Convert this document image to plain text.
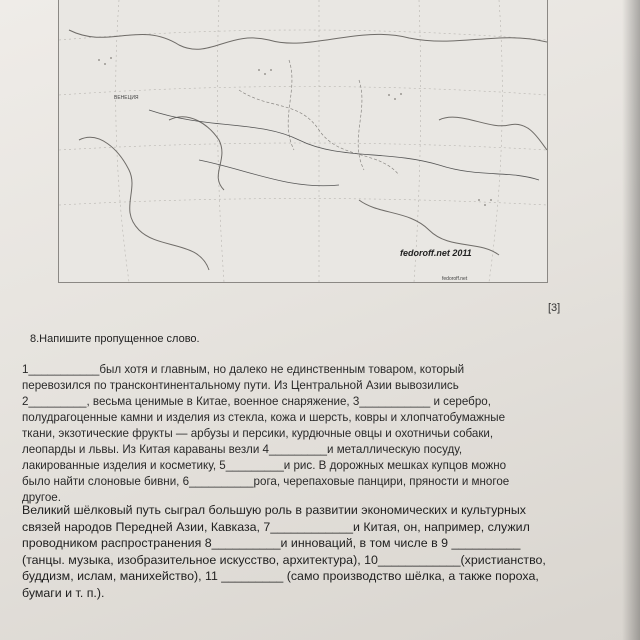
ВЕНЕЦИЯ
fedoroff.net 2011
fedoroff.net
[3]
8.Напишите пропущенное слово.
1___________был хотя и главным, но далеко не единственным товаром, который
перевозился по трансконтинентальному пути. Из Центральной Азии вывозились
2_________, весьма ценимые в Китае, военное снаряжение, 3___________ и серебро,
полудрагоценные камни и изделия из стекла, кожа и шерсть, ковры и хлопчатобумажные
ткани, экзотические фрукты — арбузы и персики, курдючные овцы и охотничьи собаки,
леопарды и львы. Из Китая караваны везли 4_________и металлическую посуду,
лакированные изделия и косметику, 5_________и рис. В дорожных мешках купцов можно
было найти слоновые бивни, 6__________рога, черепаховые панцири, пряности и многое
другое.
Великий шёлковый путь сыграл большую роль в развитии экономических и культурных
связей народов Передней Азии, Кавказа, 7____________и Китая, он, например, служил
проводником распространения 8__________и инноваций, в том числе в 9 __________
(танцы. музыка, изобразительное искусство, архитектура), 10____________(христианство,
буддизм, ислам, манихейство), 11 _________ (само производство шёлка, а также пороха,
бумаги и т. п.).
